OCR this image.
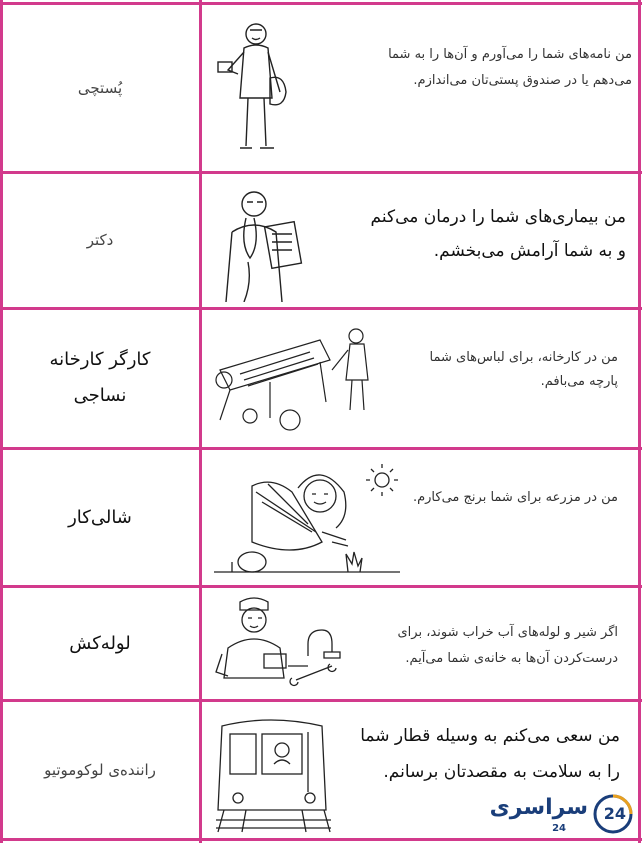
پُستچی
من نامه‌های شما را می‌آورم و آن‌ها را به شما می‌دهم یا در صندوق پستی‌تان می‌اندازم.
دکتر
من بیماری‌های شما را درمان می‌کنم و به شما آرامش می‌بخشم.
کارگر کارخانه نساجی
من در کارخانه، برای لباس‌های شما پارچه می‌بافم.
شالی‌کار
من در مزرعه برای شما برنج می‌کارم.
لوله‌کش	اگر شیر و لوله‌های آب خراب شوند، برای درست‌کردن آن‌ها به خانه‌ی شما می‌آیم.
راننده‌ی لوکوموتیو
من سعی می‌کنم به وسیله قطار شما را به سلامت به مقصدتان برسانم.
سراسری
24
24
